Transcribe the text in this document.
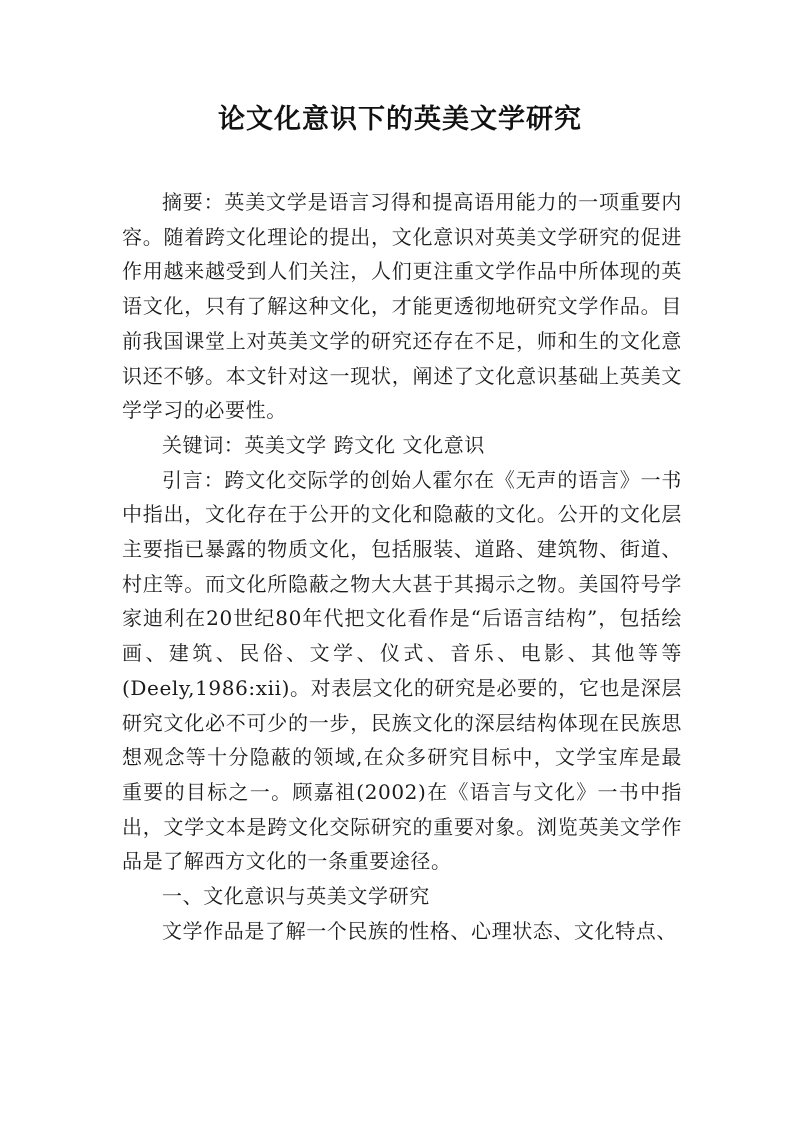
论文化意识下的英美文学研究

摘要：英美文学是语言习得和提高语用能力的一项重要内容。随着跨文化理论的提出，文化意识对英美文学研究的促进作用越来越受到人们关注，人们更注重文学作品中所体现的英语文化，只有了解这种文化，才能更透彻地研究文学作品。目前我国课堂上对英美文学的研究还存在不足，师和生的文化意识还不够。本文针对这一现状，阐述了文化意识基础上英美文学学习的必要性。

关键词：英美文学 跨文化 文化意识

引言：跨文化交际学的创始人霍尔在《无声的语言》一书中指出，文化存在于公开的文化和隐蔽的文化。公开的文化层主要指已暴露的物质文化，包括服装、道路、建筑物、街道、村庄等。而文化所隐蔽之物大大甚于其揭示之物。美国符号学家迪利在20世纪80年代把文化看作是“后语言结构”，包括绘画、建筑、民俗、文学、仪式、音乐、电影、其他等等(Deely,1986:xii)。对表层文化的研究是必要的，它也是深层研究文化必不可少的一步，民族文化的深层结构体现在民族思想观念等十分隐蔽的领域,在众多研究目标中，文学宝库是最重要的目标之一。顾嘉祖(2002)在《语言与文化》一书中指出，文学文本是跨文化交际研究的重要对象。浏览英美文学作品是了解西方文化的一条重要途径。

一、文化意识与英美文学研究

文学作品是了解一个民族的性格、心理状态、文化特点、
